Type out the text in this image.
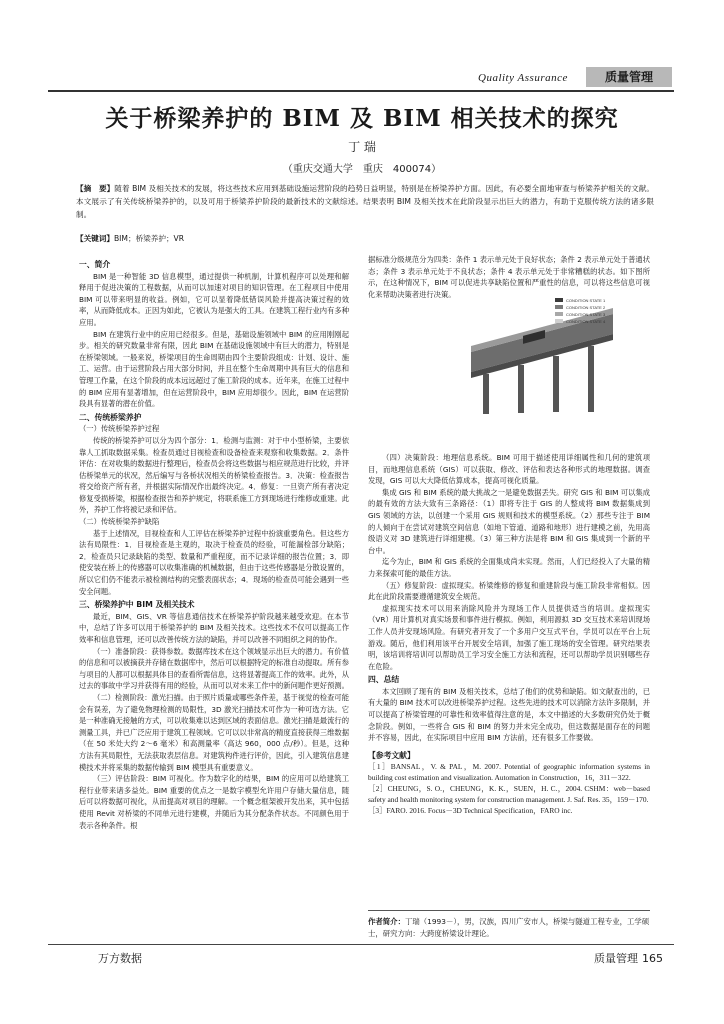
Quality Assurance	质量管理
关于桥梁养护的 BIM 及 BIM 相关技术的探究
丁 瑞
（重庆交通大学　重庆　400074）
【摘　要】随着 BIM 及相关技术的发展，将这些技术应用到基础设施运营阶段的趋势日益明显，特别是在桥梁养护方面。因此，有必要全面地审查与桥梁养护相关的文献。本文展示了有关传统桥梁养护的，以及可用于桥梁养护阶段的最新技术的文献综述。结果表明 BIM 及相关技术在此阶段显示出巨大的潜力，有助于克服传统方法的诸多限制。
【关键词】BIM；桥梁养护；VR
一、简介
BIM 是一种智能 3D 信息模型，通过提供一种机制，计算机程序可以处理和解释用于促进决策的工程数据，从而可以加速对项目的知识管理。在工程项目中使用 BIM 可以带来明显的收益。例如，它可以显着降低错误风险并提高决策过程的效率，从而降低成本。正因为如此，它被认为是强大的工具。在建筑工程行业内有多种应用。
BIM 在建筑行业中的应用已经很多。但是，基础设施领域中 BIM 的应用刚刚起步。相关的研究数量非常有限，因此 BIM 在基础设施领域中有巨大的潜力，特别是在桥梁领域。一般来说，桥梁项目的生命周期由四个主要阶段组成：计划、设计、施工、运营。由于运营阶段占用大部分时间，并且在整个生命周期中具有巨大的信息和管理工作量，在这个阶段的成本远远超过了施工阶段的成本。近年来，在施工过程中的 BIM 应用有显著增加，但在运营阶段中，BIM 应用却很少。因此，BIM 在运营阶段具有显著的潜在价值。
二、传统桥梁养护
（一）传统桥梁养护过程
传统的桥梁养护可以分为四个部分：1．检测与监测：对于中小型桥梁，主要依靠人工抓取数据采集。检查员通过目视检查和设备检查来观察和收集数据。2．条件评估：在对收集的数据进行整理后，检查员会将这些数据与相应规范进行比较，并评估桥梁单元的状况，然后编写与各桥状况相关的桥梁检查报告。3．决策：检查报告将交给资产所有者，并根据实际情况作出最终决定。4．修复：一旦资产所有者决定修复受损桥梁，根据检查报告和养护规定，将联系施工方到现场进行维修或重建。此外，养护工作将被记录和评估。
（二）传统桥梁养护缺陷
基于上述情况，目视检查和人工评估在桥梁养护过程中扮演重要角色。但这些方法有局限性：1．目视检查是主观的，取决于检查员的经验，可能漏检部分缺陷；2．检查员只记录缺陷的类型、数量和严重程度，而不记录详细的报告位置；3．即使安装在桥上的传感器可以收集准确的机械数据，但由于这些传感器是分散设置的，所以它们仍不能表示被检测结构的完整表面状态；4．现场的检查员可能会遇到一些安全问题。
三、桥梁养护中 BIM 及相关技术
最近，BIM、GIS、VR 等信息通信技术在桥梁养护阶段越来越受欢迎。在本节中，总结了许多可以用于桥梁养护的 BIM 及相关技术。这些技术不仅可以提高工作效率和信息管理，还可以改善传统方法的缺陷，并可以改善不同组织之间的协作。
（一）准备阶段：获得参数。数据库技术在这个领域显示出巨大的潜力。有价值的信息和可以被摘获并存储在数据库中，然后可以根据特定的标准自动提取。所有参与项目的人都可以根据具体目的查看所需信息，这将显著提高工作的效率。此外，从过去的事故中学习并获得有用的经验，从而可以对未来工作中的新问题作更好预测。
（二）检测阶段：激光扫描。由于照片质量或哪些条件差，基于视觉的检查可能会有误差，为了避免物理检测的局限性，3D 激光扫描技术可作为一种可选方法。它是一种准确无接触的方式，可以收集难以达到区域的表面信息。激光扫描是最流行的测量工具，并已广泛应用于建筑工程领域。它可以以非常高的精度直接获得三维数据（在 50 米处大约 2～6 毫米）和高测量率（高达 960，000 点/秒）。但是，这种方法有其局限性，无法获取表层信息。对建筑构件进行评价，因此，引入建筑信息建模技术并将采集的数据传输到 BIM 模型具有重要意义。
（三）评估阶段：BIM 可视化。作为数字化的结果，BIM 的应用可以给建筑工程行业带来诸多益处。BIM 重要的优点之一是数字模型允许用户存储大量信息，随后可以将数据可视化，从而提高对项目的理解。一个概念框架被开发出来，其中包括使用 Revit 对桥梁的不同单元进行建模，并随后为其分配条件状态。不同颜色用于表示各种条件。根
据标准分级规范分为四类：条件 1 表示单元处于良好状态；条件 2 表示单元处于普通状态；条件 3 表示单元处于不良状态；条件 4 表示单元处于非常糟糕的状态。如下图所示，在这种情况下，BIM 可以促进共享缺陷位置和严重性的信息，可以将这些信息可视化来帮助决策者进行决策。
CONDITION STATE 1
CONDITION STATE 2
CONDITION STATE 3
CONDITION STATE 4
（四）决策阶段：地理信息系统。BIM 可用于描述使用详细属性和几何的建筑项目，而地理信息系统（GIS）可以获取、修改、评估和表达各种形式的地理数据。调查发现，GIS 可以大大降低估算成本，提高可视化质量。
集成 GIS 和 BIM 系统的最大挑战之一是避免数据丢失。研究 GIS 和 BIM 可以集成的最有效的方法大致有三条路径：（1）即将专注于 GIS 的人整成将 BIM 数据集成到 GIS 领域的方法，以创建一个采用 GIS 规则和技术的模型系统。（2）那些专注于 BIM 的人倾向于在尝试对建筑空间信息（如地下管道、道路和地形）进行建模之前，先用高级语义对 3D 建筑进行详细建模。（3）第三种方法是将 BIM 和 GIS 集成到一个新的平台中。
迄今为止，BIM 和 GIS 系统的全面集成尚未实现。然而，人们已经投入了大量的精力来探索可能的最佳方法。
（五）修复阶段：虚拟现实。桥梁维修的修复和重建阶段与施工阶段非常相似。因此在此阶段需要遵循建筑安全规范。
虚拟现实技术可以用来消除风险并为现场工作人员提供适当的培训。虚拟现实（VR）用计算机对真实场景和事件进行模拟。例如，利用源拟 3D 交互技术来培训现场工作人员并安现场风险。有研究者开发了一个多用户交互式平台，学员可以在平台上玩游戏。随后，他们利用该平台开展安全培训，加强了施工现场的安全管理。研究结果表明，该培训将培训可以帮助员工学习安全施工方法和流程，还可以帮助学员识别哪些存在危险。
四、总结
本文回顾了现有的 BIM 及相关技术，总结了他们的优势和缺陷。如文献查出的，已有大量的 BIM 技术可以改进桥梁养护过程。这些先进的技术可以消除方法许多限制，并可以提高了桥梁管理的可靠性和效率值得注意的是，本文中描述的大多数研究仍处于概念阶段。例如，一些将合 GIS 和 BIM 的努力并未完全成功，但这数据是面存在的问题并不容易，因此，在实际项目中应用 BIM 方法前，还有很多工作要做。
【参考文献】
［1］BANSAL，V. & PAL，M. 2007. Potential of geographic information systems in building cost estimation and visualization. Automation in Construction，16，311－322.
［2］CHEUNG，S. O.，CHEUNG，K. K.，SUEN，H. C.，2004. CSHM：web－based safety and health monitoring system for construction management. J. Saf. Res. 35，159－170.
［3］FARO. 2016. Focus－3D Technical Specification，FARO inc.
作者简介：丁瑞（1993－），男，汉族，四川广安市人，桥梁与隧道工程专业，工学硕士，研究方向：大跨度桥梁设计理论。
万方数据	质量管理 165
